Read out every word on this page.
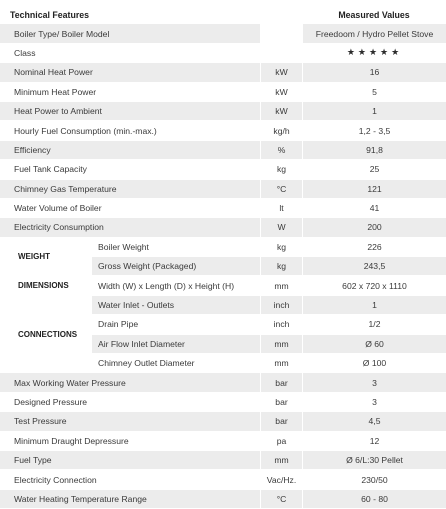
Technical Features			Measured Values
Boiler Type/ Boiler Model			Freedoom / Hydro Pellet Stove
Class			★★★★★
Nominal Heat Power		kW	16
Minimum Heat Power		kW	5
Heat Power to Ambient		kW	1
Hourly Fuel Consumption (min.-max.)		kg/h	1,2 - 3,5
Efficiency		%	91,8
Fuel Tank Capacity		kg	25
Chimney Gas Temperature		°C	121
Water Volume of Boiler		lt	41
Electricity Consumption		W	200
WEIGHT	Boiler Weight	kg	226
	Gross Weight (Packaged)	kg	243,5
DIMENSIONS	Width (W) x Length (D) x Height (H)	mm	602 x 720 x 1110
CONNECTIONS	Water Inlet - Outlets	inch	1
	Drain Pipe	inch	1/2
	Air Flow Inlet Diameter	mm	Ø 60
	Chimney Outlet Diameter	mm	Ø 100
Max Working Water Pressure		bar	3
Designed Pressure		bar	3
Test Pressure		bar	4,5
Minimum Draught Depressure		pa	12
Fuel Type		mm	Ø 6/L:30 Pellet
Electricity Connection		Vac/Hz.	230/50
Water Heating Temperature Range		°C	60 - 80
